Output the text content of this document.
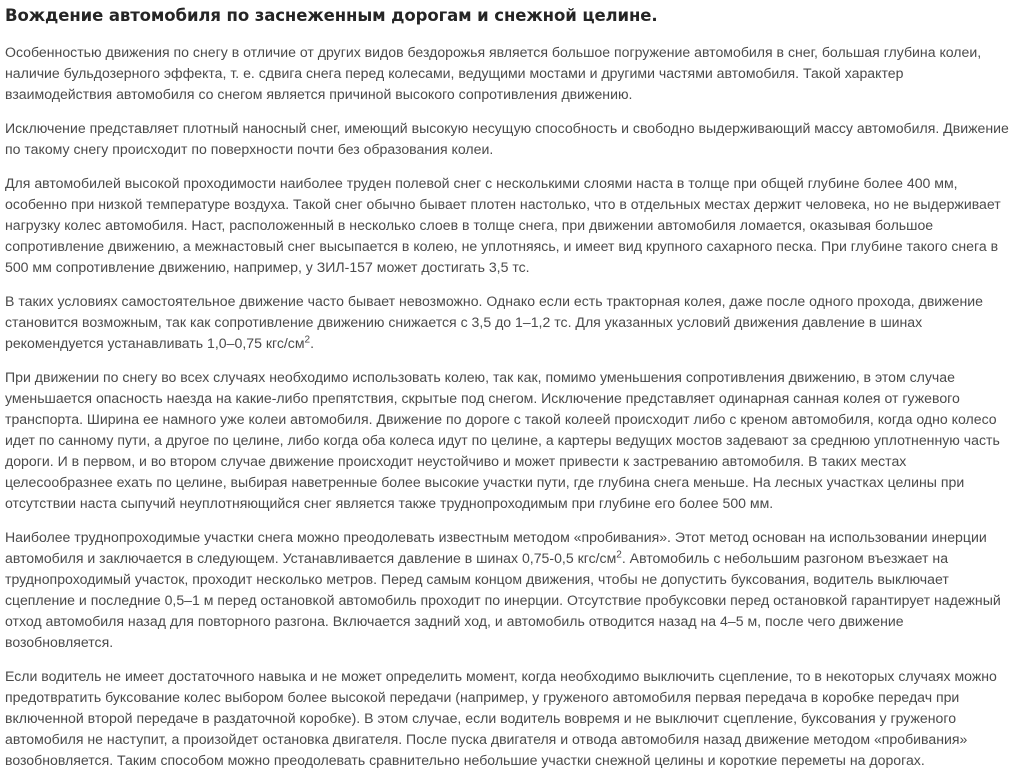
Вождение автомобиля по заснеженным дорогам и снежной целине.

Особенностью движения по снегу в отличие от других видов бездорожья является большое погружение автомобиля в снег, большая глубина колеи, наличие бульдозерного эффекта, т. е. сдвига снега перед колесами, ведущими мостами и другими частями автомобиля. Такой характер взаимодействия автомобиля со снегом является причиной высокого сопротивления движению.

Исключение представляет плотный наносный снег, имеющий высокую несущую способность и свободно выдерживающий массу автомобиля. Движение по такому снегу происходит по поверхности почти без образования колеи.

Для автомобилей высокой проходимости наиболее труден полевой снег с несколькими слоями наста в толще при общей глубине более 400 мм, особенно при низкой температуре воздуха. Такой снег обычно бывает плотен настолько, что в отдельных местах держит человека, но не выдерживает нагрузку колес автомобиля. Наст, расположенный в несколько слоев в толще снега, при движении автомобиля ломается, оказывая большое сопротивление движению, а межнастовый снег высыпается в колею, не уплотняясь, и имеет вид крупного сахарного песка. При глубине такого снега в 500 мм сопротивление движению, например, у ЗИЛ-157 может достигать 3,5 тс.

В таких условиях самостоятельное движение часто бывает невозможно. Однако если есть тракторная колея, даже после одного прохода, движение становится возможным, так как сопротивление движению снижается с 3,5 до 1–1,2 тс. Для указанных условий движения давление в шинах рекомендуется устанавливать 1,0–0,75 кгс/$см^2$.

При движении по снегу во всех случаях необходимо использовать колею, так как, помимо уменьшения сопротивления движению, в этом случае уменьшается опасность наезда на какие-либо препятствия, скрытые под снегом. Исключение представляет одинарная санная колея от гужевого транспорта. Ширина ее намного уже колеи автомобиля. Движение по дороге с такой колеей происходит либо с креном автомобиля, когда одно колесо идет по санному пути, а другое по целине, либо когда оба колеса идут по целине, а картеры ведущих мостов задевают за среднюю уплотненную часть дороги. И в первом, и во втором случае движение происходит неустойчиво и может привести к застреванию автомобиля. В таких местах целесообразнее ехать по целине, выбирая наветренные более высокие участки пути, где глубина снега меньше. На лесных участках целины при отсутствии наста сыпучий неуплотняющийся снег является также труднопроходимым при глубине его более 500 мм.

Наиболее труднопроходимые участки снега можно преодолевать известным методом «пробивания». Этот метод основан на использовании инерции автомобиля и заключается в следующем. Устанавливается давление в шинах 0,75-0,5 кгс/$см^2$. Автомобиль с небольшим разгоном въезжает на труднопроходимый участок, проходит несколько метров. Перед самым концом движения, чтобы не допустить буксования, водитель выключает сцепление и последние 0,5–1 м перед остановкой автомобиль проходит по инерции. Отсутствие пробуксовки перед остановкой гарантирует надежный отход автомобиля назад для повторного разгона. Включается задний ход, и автомобиль отводится назад на 4–5 м, после чего движение возобновляется.

Если водитель не имеет достаточного навыка и не может определить момент, когда необходимо выключить сцепление, то в некоторых случаях можно предотвратить буксование колес выбором более высокой передачи (например, у груженого автомобиля первая передача в коробке передач при включенной второй передаче в раздаточной коробке). В этом случае, если водитель вовремя и не выключит сцепление, буксования у груженого автомобиля не наступит, а произойдет остановка двигателя. После пуска двигателя и отвода автомобиля назад движение методом «пробивания» возобновляется. Таким способом можно преодолевать сравнительно небольшие участки снежной целины и короткие переметы на дорогах.
